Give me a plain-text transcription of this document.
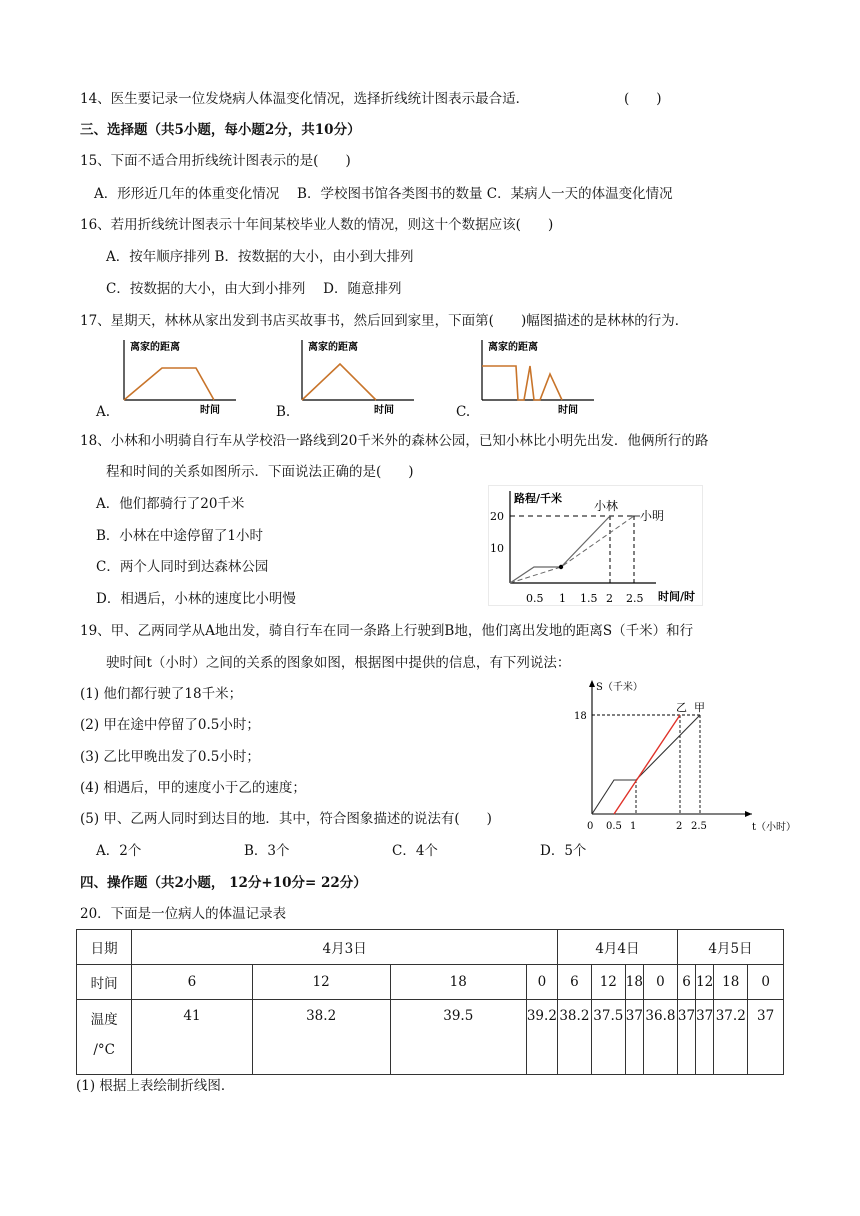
14、医生要记录一位发烧病人体温变化情况，选择折线统计图表示最合适．	(　　)
三、选择题（共5小题，每小题2分，共10分）
15、下面不适合用折线统计图表示的是(　　)
A．形形近几年的体重变化情况　 B．学校图书馆各类图书的数量 C．某病人一天的体温变化情况
16、若用折线统计图表示十年间某校毕业人数的情况，则这十个数据应该(　　)
A．按年顺序排列 B．按数据的大小，由小到大排列
C．按数据的大小，由大到小排列　 D．随意排列
17、星期天，林林从家出发到书店买故事书，然后回到家里，下面第(　　)幅图描述的是林林的行为．
A.
离家的距离
时间	B.
离家的距离
时间	C.
离家的距离
时间
18、小林和小明骑自行车从学校沿一路线到20千米外的森林公园，已知小林比小明先出发．他俩所行的路
程和时间的关系如图所示．下面说法正确的是(　　)
A．他们都骑行了20千米
B．小林在中途停留了1小时
C．两个人同时到达森林公园
D．相遇后，小林的速度比小明慢
路程/千米
时间/时
20
10
0.5 1 1.5 2 2.5
小林
小明
19、甲、乙两同学从A地出发，骑自行车在同一条路上行驶到B地，他们离出发地的距离S（千米）和行
驶时间t（小时）之间的关系的图象如图，根据图中提供的信息，有下列说法：
(1) 他们都行驶了18千米；
(2) 甲在途中停留了0.5小时；
(3) 乙比甲晚出发了0.5小时；
(4) 相遇后，甲的速度小于乙的速度；
(5) 甲、乙两人同时到达目的地．其中，符合图象描述的说法有(　　)
A．2个	B．3个	C．4个	D．5个
S（千米）
t（小时）
18
0 0.5 1	2 2.5
乙 甲
四、操作题（共2小题， 12分+10分= 22分）
20．下面是一位病人的体温记录表
日期	4月3日				4月4日				4月5日			
时间	6	12	18	0	6	12	18	0	6	12	18	0
温度
/°C	41	38.2	39.5	39.2	38.2	37.5	37	36.8	37	37	37.2	37
(1) 根据上表绘制折线图．
